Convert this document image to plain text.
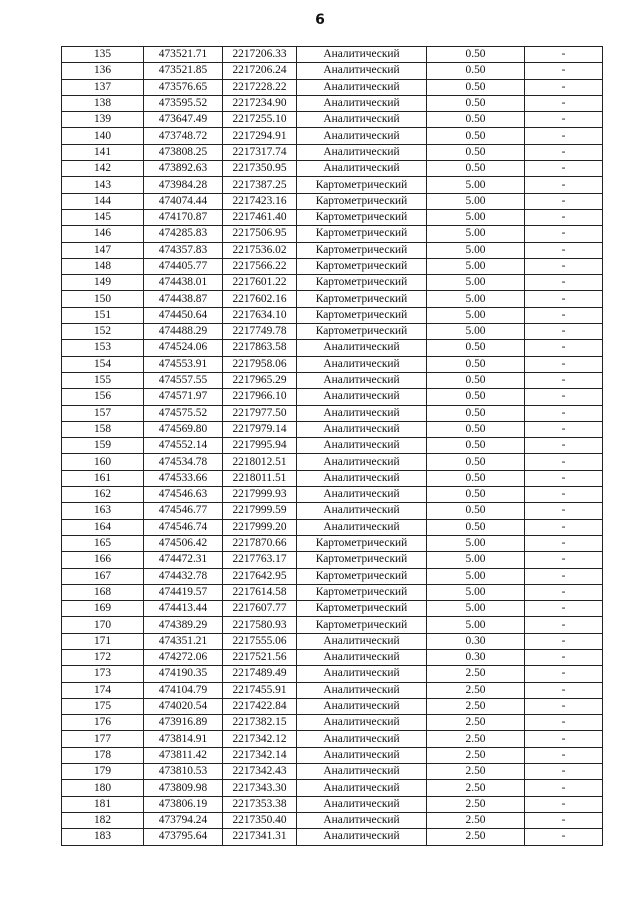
6
135	473521.71	2217206.33	Аналитический	0.50	-
136	473521.85	2217206.24	Аналитический	0.50	-
137	473576.65	2217228.22	Аналитический	0.50	-
138	473595.52	2217234.90	Аналитический	0.50	-
139	473647.49	2217255.10	Аналитический	0.50	-
140	473748.72	2217294.91	Аналитический	0.50	-
141	473808.25	2217317.74	Аналитический	0.50	-
142	473892.63	2217350.95	Аналитический	0.50	-
143	473984.28	2217387.25	Картометрический	5.00	-
144	474074.44	2217423.16	Картометрический	5.00	-
145	474170.87	2217461.40	Картометрический	5.00	-
146	474285.83	2217506.95	Картометрический	5.00	-
147	474357.83	2217536.02	Картометрический	5.00	-
148	474405.77	2217566.22	Картометрический	5.00	-
149	474438.01	2217601.22	Картометрический	5.00	-
150	474438.87	2217602.16	Картометрический	5.00	-
151	474450.64	2217634.10	Картометрический	5.00	-
152	474488.29	2217749.78	Картометрический	5.00	-
153	474524.06	2217863.58	Аналитический	0.50	-
154	474553.91	2217958.06	Аналитический	0.50	-
155	474557.55	2217965.29	Аналитический	0.50	-
156	474571.97	2217966.10	Аналитический	0.50	-
157	474575.52	2217977.50	Аналитический	0.50	-
158	474569.80	2217979.14	Аналитический	0.50	-
159	474552.14	2217995.94	Аналитический	0.50	-
160	474534.78	2218012.51	Аналитический	0.50	-
161	474533.66	2218011.51	Аналитический	0.50	-
162	474546.63	2217999.93	Аналитический	0.50	-
163	474546.77	2217999.59	Аналитический	0.50	-
164	474546.74	2217999.20	Аналитический	0.50	-
165	474506.42	2217870.66	Картометрический	5.00	-
166	474472.31	2217763.17	Картометрический	5.00	-
167	474432.78	2217642.95	Картометрический	5.00	-
168	474419.57	2217614.58	Картометрический	5.00	-
169	474413.44	2217607.77	Картометрический	5.00	-
170	474389.29	2217580.93	Картометрический	5.00	-
171	474351.21	2217555.06	Аналитический	0.30	-
172	474272.06	2217521.56	Аналитический	0.30	-
173	474190.35	2217489.49	Аналитический	2.50	-
174	474104.79	2217455.91	Аналитический	2.50	-
175	474020.54	2217422.84	Аналитический	2.50	-
176	473916.89	2217382.15	Аналитический	2.50	-
177	473814.91	2217342.12	Аналитический	2.50	-
178	473811.42	2217342.14	Аналитический	2.50	-
179	473810.53	2217342.43	Аналитический	2.50	-
180	473809.98	2217343.30	Аналитический	2.50	-
181	473806.19	2217353.38	Аналитический	2.50	-
182	473794.24	2217350.40	Аналитический	2.50	-
183	473795.64	2217341.31	Аналитический	2.50	-
